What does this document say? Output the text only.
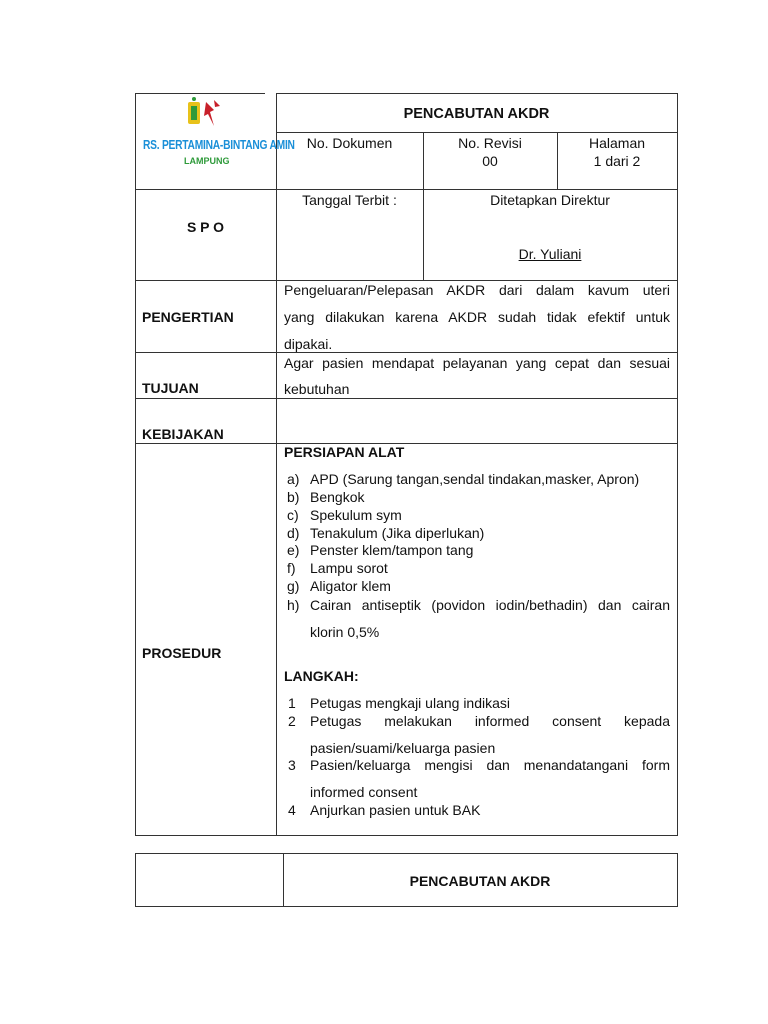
RS. PERTAMINA-BINTANG AMIN
LAMPUNG
PENCABUTAN AKDR
No. Dokumen	No. Revisi
00
Halaman
1 dari 2
S P O
Tanggal Terbit :	Ditetapkan Direktur
Dr. Yuliani
PENGERTIAN
Pengeluaran/Pelepasan AKDR dari dalam kavum uteri
yang dilakukan karena AKDR sudah tidak efektif untuk
dipakai.
TUJUAN
Agar pasien mendapat pelayanan yang cepat dan sesuai
kebutuhan
KEBIJAKAN
PROSEDUR
PERSIAPAN ALAT
a) APD (Sarung tangan,sendal tindakan,masker, Apron)
b) Bengkok
c) Spekulum sym
d) Tenakulum (Jika diperlukan)
e) Penster klem/tampon tang
f) Lampu sorot
g) Aligator klem
h) Cairan antiseptik (povidon iodin/bethadin) dan cairan
klorin 0,5%
LANGKAH:
1 Petugas mengkaji ulang indikasi
2 Petugas melakukan informed consent kepada
pasien/suami/keluarga pasien
3 Pasien/keluarga mengisi dan menandatangani form
informed consent
4 Anjurkan pasien untuk BAK
PENCABUTAN AKDR
